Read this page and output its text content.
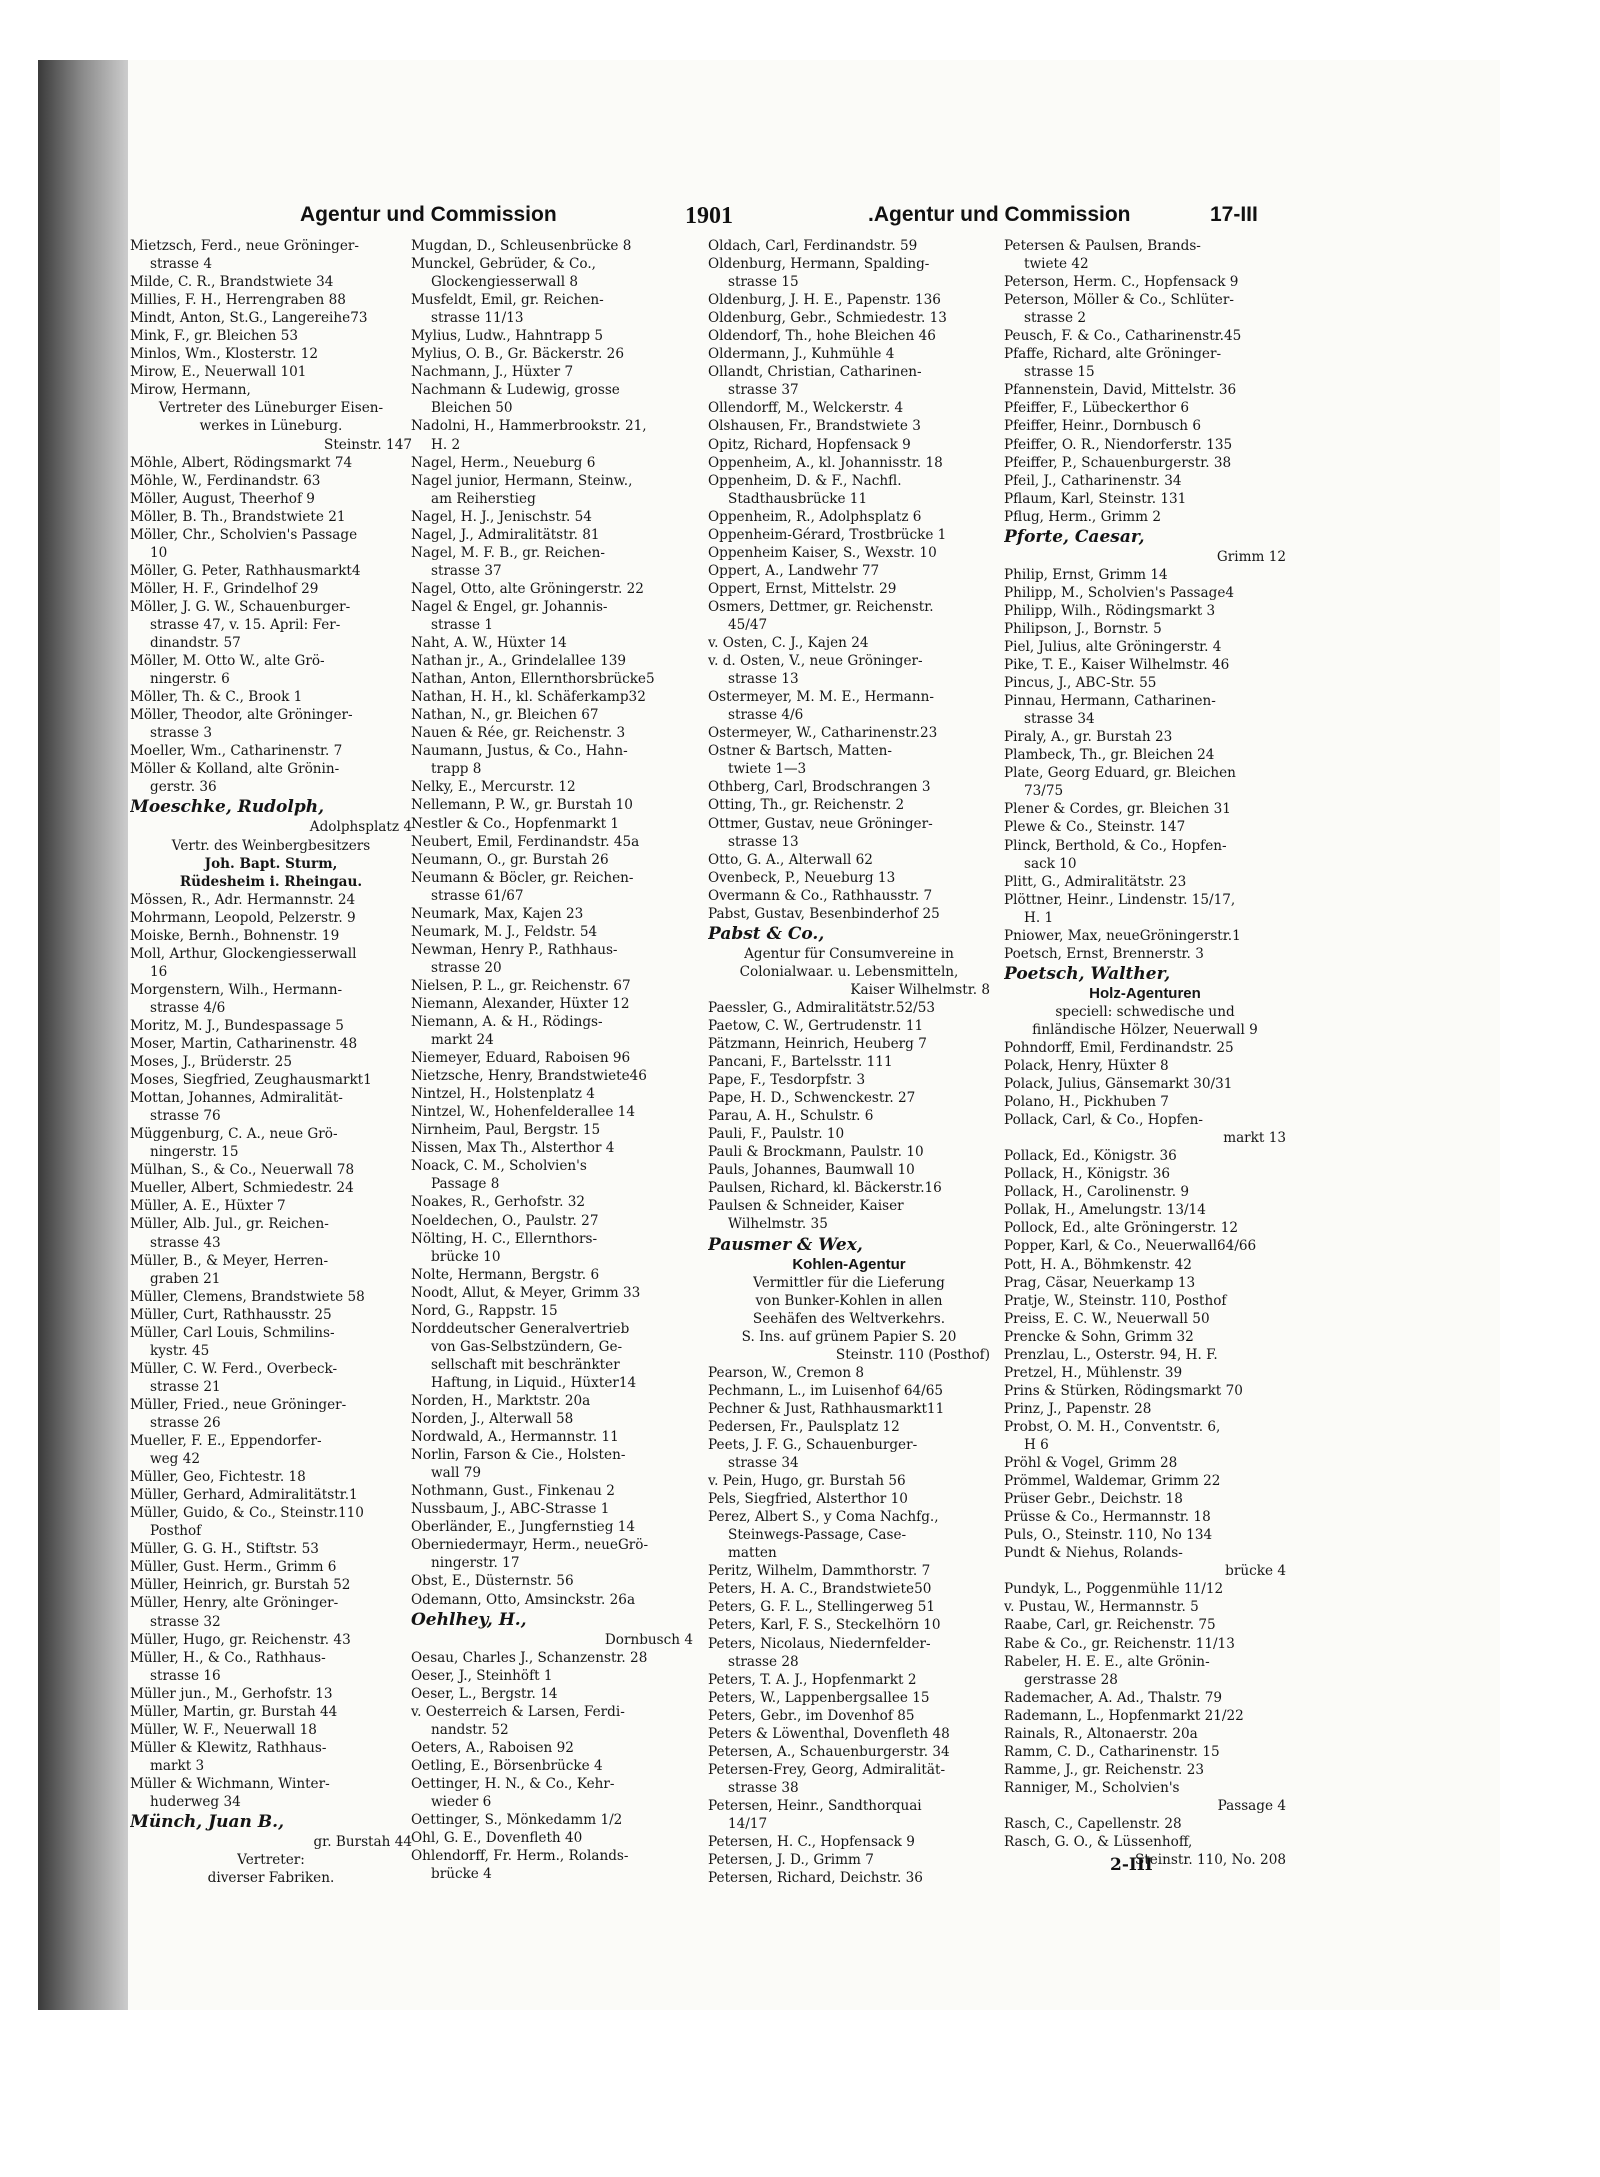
Agentur und Commission	1901	.Agentur und Commission	17-III
Mietzsch, Ferd., neue Gröninger-
strasse 4
Milde, C. R., Brandstwiete 34
Millies, F. H., Herrengraben 88
Mindt, Anton, St.G., Langereihe73
Mink, F., gr. Bleichen 53
Minlos, Wm., Klosterstr. 12
Mirow, E., Neuerwall 101
Mirow, Hermann,
Vertreter des Lüneburger Eisen-
werkes in Lüneburg.
Steinstr. 147
Möhle, Albert, Rödingsmarkt 74
Möhle, W., Ferdinandstr. 63
Möller, August, Theerhof 9
Möller, B. Th., Brandstwiete 21
Möller, Chr., Scholvien's Passage
10
Möller, G. Peter, Rathhausmarkt4
Möller, H. F., Grindelhof 29
Möller, J. G. W., Schauenburger-
strasse 47, v. 15. April: Fer-
dinandstr. 57
Möller, M. Otto W., alte Grö-
ningerstr. 6
Möller, Th. & C., Brook 1
Möller, Theodor, alte Gröninger-
strasse 3
Moeller, Wm., Catharinenstr. 7
Möller & Kolland, alte Grönin-
gerstr. 36
Moeschke, Rudolph,
Adolphsplatz 4
Vertr. des Weinbergbesitzers
Joh. Bapt. Sturm,
Rüdesheim i. Rheingau.
Mössen, R., Adr. Hermannstr. 24
Mohrmann, Leopold, Pelzerstr. 9
Moiske, Bernh., Bohnenstr. 19
Moll, Arthur, Glockengiesserwall
16
Morgenstern, Wilh., Hermann-
strasse 4/6
Moritz, M. J., Bundespassage 5
Moser, Martin, Catharinenstr. 48
Moses, J., Brüderstr. 25
Moses, Siegfried, Zeughausmarkt1
Mottan, Johannes, Admiralität-
strasse 76
Müggenburg, C. A., neue Grö-
ningerstr. 15
Mülhan, S., & Co., Neuerwall 78
Mueller, Albert, Schmiedestr. 24
Müller, A. E., Hüxter 7
Müller, Alb. Jul., gr. Reichen-
strasse 43
Müller, B., & Meyer, Herren-
graben 21
Müller, Clemens, Brandstwiete 58
Müller, Curt, Rathhausstr. 25
Müller, Carl Louis, Schmilins-
kystr. 45
Müller, C. W. Ferd., Overbeck-
strasse 21
Müller, Fried., neue Gröninger-
strasse 26
Mueller, F. E., Eppendorfer-
weg 42
Müller, Geo, Fichtestr. 18
Müller, Gerhard, Admiralitätstr.1
Müller, Guido, & Co., Steinstr.110
Posthof
Müller, G. G. H., Stiftstr. 53
Müller, Gust. Herm., Grimm 6
Müller, Heinrich, gr. Burstah 52
Müller, Henry, alte Gröninger-
strasse 32
Müller, Hugo, gr. Reichenstr. 43
Müller, H., & Co., Rathhaus-
strasse 16
Müller jun., M., Gerhofstr. 13
Müller, Martin, gr. Burstah 44
Müller, W. F., Neuerwall 18
Müller & Klewitz, Rathhaus-
markt 3
Müller & Wichmann, Winter-
huderweg 34
Münch, Juan B.,
gr. Burstah 44
Vertreter:
diverser Fabriken.
Mugdan, D., Schleusenbrücke 8
Munckel, Gebrüder, & Co.,
Glockengiesserwall 8
Musfeldt, Emil, gr. Reichen-
strasse 11/13
Mylius, Ludw., Hahntrapp 5
Mylius, O. B., Gr. Bäckerstr. 26
Nachmann, J., Hüxter 7
Nachmann & Ludewig, grosse
Bleichen 50
Nadolni, H., Hammerbrookstr. 21,
H. 2
Nagel, Herm., Neueburg 6
Nagel junior, Hermann, Steinw.,
am Reiherstieg
Nagel, H. J., Jenischstr. 54
Nagel, J., Admiralitätstr. 81
Nagel, M. F. B., gr. Reichen-
strasse 37
Nagel, Otto, alte Gröningerstr. 22
Nagel & Engel, gr. Johannis-
strasse 1
Naht, A. W., Hüxter 14
Nathan jr., A., Grindelallee 139
Nathan, Anton, Ellernthorsbrücke5
Nathan, H. H., kl. Schäferkamp32
Nathan, N., gr. Bleichen 67
Nauen & Rée, gr. Reichenstr. 3
Naumann, Justus, & Co., Hahn-
trapp 8
Nelky, E., Mercurstr. 12
Nellemann, P. W., gr. Burstah 10
Nestler & Co., Hopfenmarkt 1
Neubert, Emil, Ferdinandstr. 45a
Neumann, O., gr. Burstah 26
Neumann & Böcler, gr. Reichen-
strasse 61/67
Neumark, Max, Kajen 23
Neumark, M. J., Feldstr. 54
Newman, Henry P., Rathhaus-
strasse 20
Nielsen, P. L., gr. Reichenstr. 67
Niemann, Alexander, Hüxter 12
Niemann, A. & H., Rödings-
markt 24
Niemeyer, Eduard, Raboisen 96
Nietzsche, Henry, Brandstwiete46
Nintzel, H., Holstenplatz 4
Nintzel, W., Hohenfelderallee 14
Nirnheim, Paul, Bergstr. 15
Nissen, Max Th., Alsterthor 4
Noack, C. M., Scholvien's
Passage 8
Noakes, R., Gerhofstr. 32
Noeldechen, O., Paulstr. 27
Nölting, H. C., Ellernthors-
brücke 10
Nolte, Hermann, Bergstr. 6
Noodt, Allut, & Meyer, Grimm 33
Nord, G., Rappstr. 15
Norddeutscher Generalvertrieb
von Gas-Selbstzündern, Ge-
sellschaft mit beschränkter
Haftung, in Liquid., Hüxter14
Norden, H., Marktstr. 20a
Norden, J., Alterwall 58
Nordwald, A., Hermannstr. 11
Norlin, Farson & Cie., Holsten-
wall 79
Nothmann, Gust., Finkenau 2
Nussbaum, J., ABC-Strasse 1
Oberländer, E., Jungfernstieg 14
Oberniedermayr, Herm., neueGrö-
ningerstr. 17
Obst, E., Düsternstr. 56
Odemann, Otto, Amsinckstr. 26a
Oehlhey, H.,
Dornbusch 4
Oesau, Charles J., Schanzenstr. 28
Oeser, J., Steinhöft 1
Oeser, L., Bergstr. 14
v. Oesterreich & Larsen, Ferdi-
nandstr. 52
Oeters, A., Raboisen 92
Oetling, E., Börsenbrücke 4
Oettinger, H. N., & Co., Kehr-
wieder 6
Oettinger, S., Mönkedamm 1/2
Ohl, G. E., Dovenfleth 40
Ohlendorff, Fr. Herm., Rolands-
brücke 4
Oldach, Carl, Ferdinandstr. 59
Oldenburg, Hermann, Spalding-
strasse 15
Oldenburg, J. H. E., Papenstr. 136
Oldenburg, Gebr., Schmiedestr. 13
Oldendorf, Th., hohe Bleichen 46
Oldermann, J., Kuhmühle 4
Ollandt, Christian, Catharinen-
strasse 37
Ollendorff, M., Welckerstr. 4
Olshausen, Fr., Brandstwiete 3
Opitz, Richard, Hopfensack 9
Oppenheim, A., kl. Johannisstr. 18
Oppenheim, D. & F., Nachfl.
Stadthausbrücke 11
Oppenheim, R., Adolphsplatz 6
Oppenheim-Gérard, Trostbrücke 1
Oppenheim Kaiser, S., Wexstr. 10
Oppert, A., Landwehr 77
Oppert, Ernst, Mittelstr. 29
Osmers, Dettmer, gr. Reichenstr.
45/47
v. Osten, C. J., Kajen 24
v. d. Osten, V., neue Gröninger-
strasse 13
Ostermeyer, M. M. E., Hermann-
strasse 4/6
Ostermeyer, W., Catharinenstr.23
Ostner & Bartsch, Matten-
twiete 1—3
Othberg, Carl, Brodschrangen 3
Otting, Th., gr. Reichenstr. 2
Ottmer, Gustav, neue Gröninger-
strasse 13
Otto, G. A., Alterwall 62
Ovenbeck, P., Neueburg 13
Overmann & Co., Rathhausstr. 7
Pabst, Gustav, Besenbinderhof 25
Pabst & Co.,
Agentur für Consumvereine in
Colonialwaar. u. Lebensmitteln,
Kaiser Wilhelmstr. 8
Paessler, G., Admiralitätstr.52/53
Paetow, C. W., Gertrudenstr. 11
Pätzmann, Heinrich, Heuberg 7
Pancani, F., Bartelsstr. 111
Pape, F., Tesdorpfstr. 3
Pape, H. D., Schwenckestr. 27
Parau, A. H., Schulstr. 6
Pauli, F., Paulstr. 10
Pauli & Brockmann, Paulstr. 10
Pauls, Johannes, Baumwall 10
Paulsen, Richard, kl. Bäckerstr.16
Paulsen & Schneider, Kaiser
Wilhelmstr. 35
Pausmer & Wex,
Kohlen-Agentur
Vermittler für die Lieferung
von Bunker-Kohlen in allen
Seehäfen des Weltverkehrs.
S. Ins. auf grünem Papier S. 20
Steinstr. 110 (Posthof)
Pearson, W., Cremon 8
Pechmann, L., im Luisenhof 64/65
Pechner & Just, Rathhausmarkt11
Pedersen, Fr., Paulsplatz 12
Peets, J. F. G., Schauenburger-
strasse 34
v. Pein, Hugo, gr. Burstah 56
Pels, Siegfried, Alsterthor 10
Perez, Albert S., y Coma Nachfg.,
Steinwegs-Passage, Case-
matten
Peritz, Wilhelm, Dammthorstr. 7
Peters, H. A. C., Brandstwiete50
Peters, G. F. L., Stellingerweg 51
Peters, Karl, F. S., Steckelhörn 10
Peters, Nicolaus, Niedernfelder-
strasse 28
Peters, T. A. J., Hopfenmarkt 2
Peters, W., Lappenbergsallee 15
Peters, Gebr., im Dovenhof 85
Peters & Löwenthal, Dovenfleth 48
Petersen, A., Schauenburgerstr. 34
Petersen-Frey, Georg, Admiralität-
strasse 38
Petersen, Heinr., Sandthorquai
14/17
Petersen, H. C., Hopfensack 9
Petersen, J. D., Grimm 7
Petersen, Richard, Deichstr. 36
Petersen & Paulsen, Brands-
twiete 42
Peterson, Herm. C., Hopfensack 9
Peterson, Möller & Co., Schlüter-
strasse 2
Peusch, F. & Co., Catharinenstr.45
Pfaffe, Richard, alte Gröninger-
strasse 15
Pfannenstein, David, Mittelstr. 36
Pfeiffer, F., Lübeckerthor 6
Pfeiffer, Heinr., Dornbusch 6
Pfeiffer, O. R., Niendorferstr. 135
Pfeiffer, P., Schauenburgerstr. 38
Pfeil, J., Catharinenstr. 34
Pflaum, Karl, Steinstr. 131
Pflug, Herm., Grimm 2
Pforte, Caesar,
Grimm 12
Philip, Ernst, Grimm 14
Philipp, M., Scholvien's Passage4
Philipp, Wilh., Rödingsmarkt 3
Philipson, J., Bornstr. 5
Piel, Julius, alte Gröningerstr. 4
Pike, T. E., Kaiser Wilhelmstr. 46
Pincus, J., ABC-Str. 55
Pinnau, Hermann, Catharinen-
strasse 34
Piraly, A., gr. Burstah 23
Plambeck, Th., gr. Bleichen 24
Plate, Georg Eduard, gr. Bleichen
73/75
Plener & Cordes, gr. Bleichen 31
Plewe & Co., Steinstr. 147
Plinck, Berthold, & Co., Hopfen-
sack 10
Plitt, G., Admiralitätstr. 23
Plöttner, Heinr., Lindenstr. 15/17,
H. 1
Pniower, Max, neueGröningerstr.1
Poetsch, Ernst, Brennerstr. 3
Poetsch, Walther,
Holz-Agenturen
speciell: schwedische und
finländische Hölzer, Neuerwall 9
Pohndorff, Emil, Ferdinandstr. 25
Polack, Henry, Hüxter 8
Polack, Julius, Gänsemarkt 30/31
Polano, H., Pickhuben 7
Pollack, Carl, & Co., Hopfen-
markt 13
Pollack, Ed., Königstr. 36
Pollack, H., Königstr. 36
Pollack, H., Carolinenstr. 9
Pollak, H., Amelungstr. 13/14
Pollock, Ed., alte Gröningerstr. 12
Popper, Karl, & Co., Neuerwall64/66
Pott, H. A., Böhmkenstr. 42
Prag, Cäsar, Neuerkamp 13
Pratje, W., Steinstr. 110, Posthof
Preiss, E. C. W., Neuerwall 50
Prencke & Sohn, Grimm 32
Prenzlau, L., Osterstr. 94, H. F.
Pretzel, H., Mühlenstr. 39
Prins & Stürken, Rödingsmarkt 70
Prinz, J., Papenstr. 28
Probst, O. M. H., Conventstr. 6,
H 6
Pröhl & Vogel, Grimm 28
Prömmel, Waldemar, Grimm 22
Prüser Gebr., Deichstr. 18
Prüsse & Co., Hermannstr. 18
Puls, O., Steinstr. 110, No 134
Pundt & Niehus, Rolands-
brücke 4
Pundyk, L., Poggenmühle 11/12
v. Pustau, W., Hermannstr. 5
Raabe, Carl, gr. Reichenstr. 75
Rabe & Co., gr. Reichenstr. 11/13
Rabeler, H. E. E., alte Grönin-
gerstrasse 28
Rademacher, A. Ad., Thalstr. 79
Rademann, L., Hopfenmarkt 21/22
Rainals, R., Altonaerstr. 20a
Ramm, C. D., Catharinenstr. 15
Ramme, J., gr. Reichenstr. 23
Ranniger, M., Scholvien's
Passage 4
Rasch, C., Capellenstr. 28
Rasch, G. O., & Lüssenhoff,
Steinstr. 110, No. 208
2-III
